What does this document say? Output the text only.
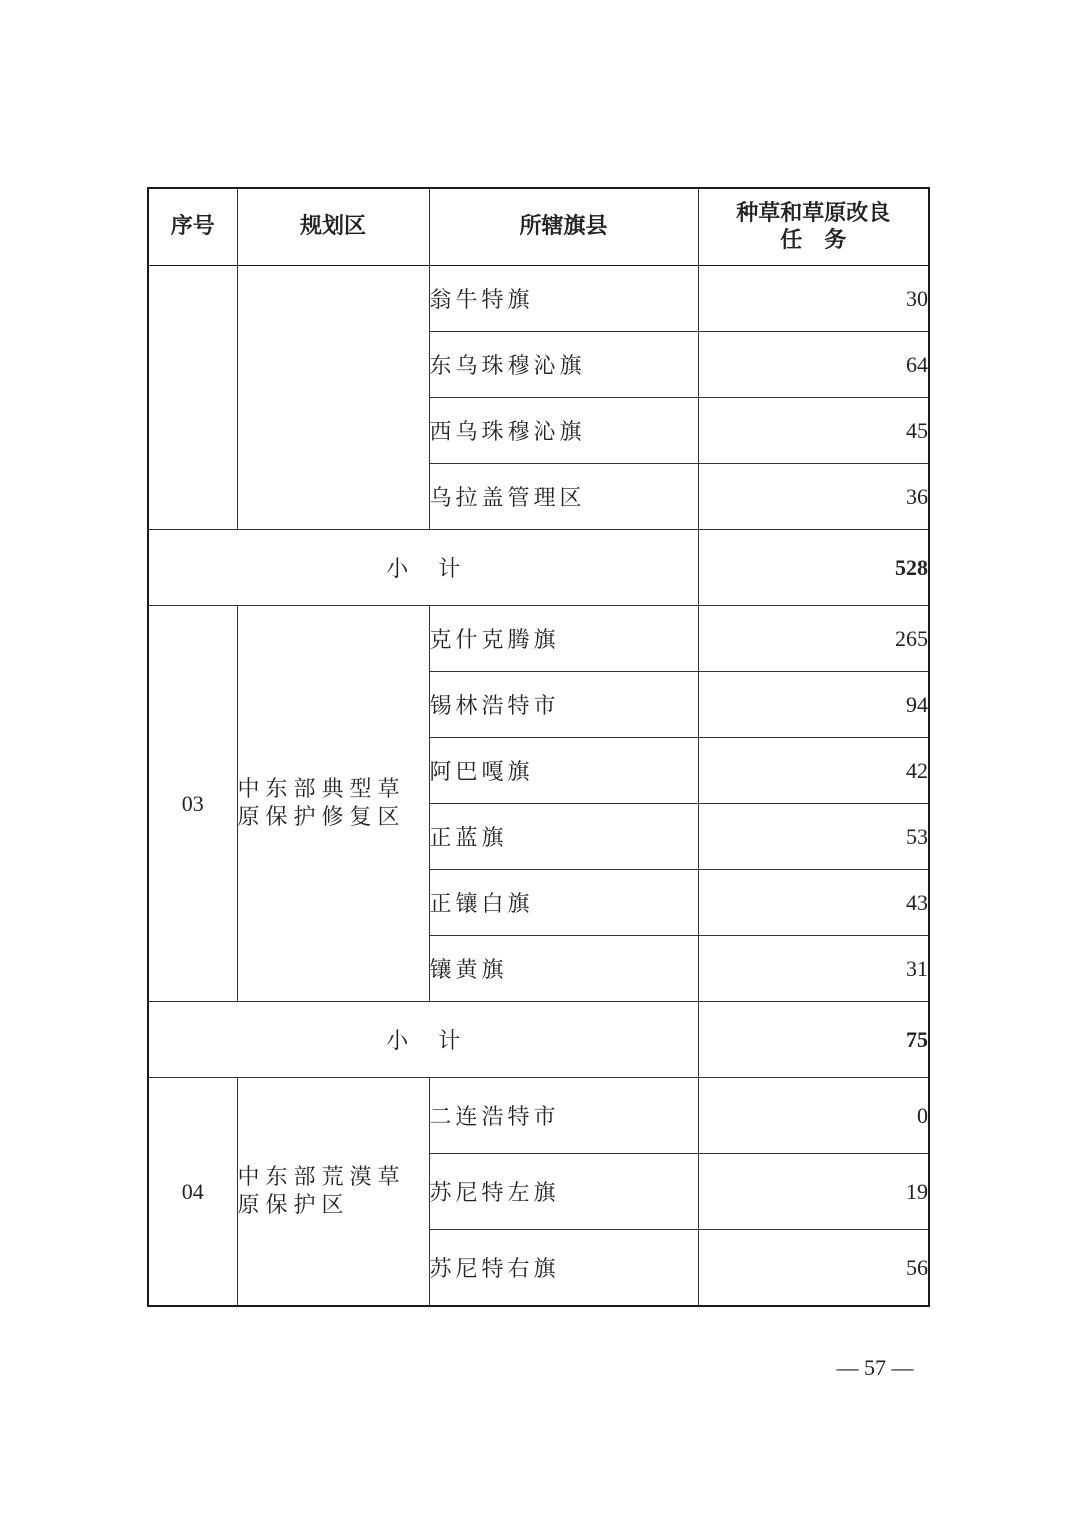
序号	规划区	所辖旗县	种草和草原改良
任　务

		翁牛特旗	30
		东乌珠穆沁旗	64
		西乌珠穆沁旗	45
		乌拉盖管理区	36
小 计			528
03	中东部典型草原保护修复区	克什克腾旗	265
		锡林浩特市	94
		阿巴嘎旗	42
		正蓝旗	53
		正镶白旗	43
		镶黄旗	31
小 计			75
04	中东部荒漠草原保护区	二连浩特市	0
		苏尼特左旗	19
		苏尼特右旗	56
— 57 —
